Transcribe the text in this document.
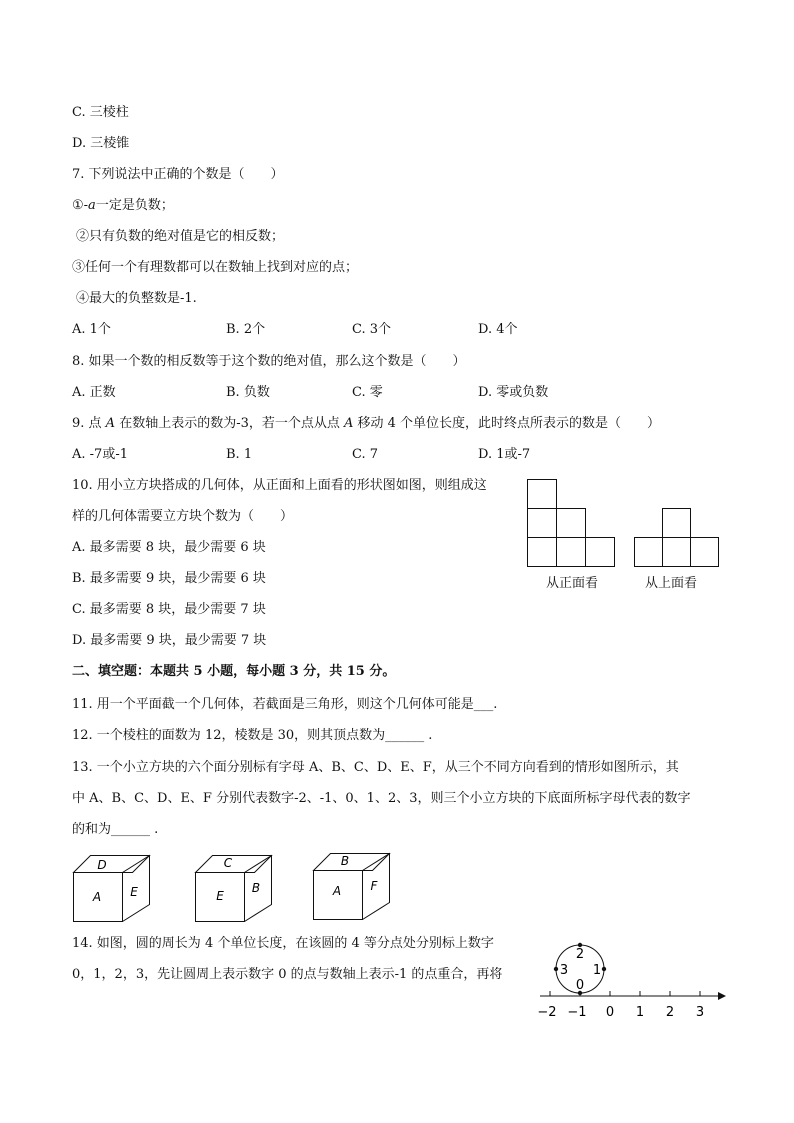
C. 三棱柱
D. 三棱锥
7. 下列说法中正确的个数是（　　）
①-a一定是负数；
②只有负数的绝对值是它的相反数；
③任何一个有理数都可以在数轴上找到对应的点；
④最大的负整数是-1.
A. 1个	B. 2个	C. 3个	D. 4个
8. 如果一个数的相反数等于这个数的绝对值，那么这个数是（　　）
A. 正数	B. 负数	C. 零	D. 零或负数
9. 点 A 在数轴上表示的数为-3，若一个点从点 A 移动 4 个单位长度，此时终点所表示的数是（　　）
A. -7或-1	B. 1	C. 7	D. 1或-7
10. 用小立方块搭成的几何体，从正面和上面看的形状图如图，则组成这
样的几何体需要立方块个数为（　　）
A. 最多需要 8 块，最少需要 6 块
B. 最多需要 9 块，最少需要 6 块
C. 最多需要 8 块，最少需要 7 块
D. 最多需要 9 块，最少需要 7 块
从正面看	从上面看
二、填空题：本题共 5 小题，每小题 3 分，共 15 分。
11. 用一个平面截一个几何体，若截面是三角形，则这个几何体可能是___.
12. 一个棱柱的面数为 12，棱数是 30，则其顶点数为______ .
13. 一个小立方块的六个面分别标有字母 A、B、C、D、E、F，从三个不同方向看到的情形如图所示，其
中 A、B、C、D、E、F 分别代表数字-2、-1、0、1、2、3，则三个小立方块的下底面所标字母代表的数字
的和为______ .
D
A E
C
E
B
B
A F
14. 如图，圆的周长为 4 个单位长度，在该圆的 4 等分点处分别标上数字
0，1，2，3，先让圆周上表示数字 0 的点与数轴上表示-1 的点重合，再将
0
1
2
3
−2 −1 0 1 2 3
